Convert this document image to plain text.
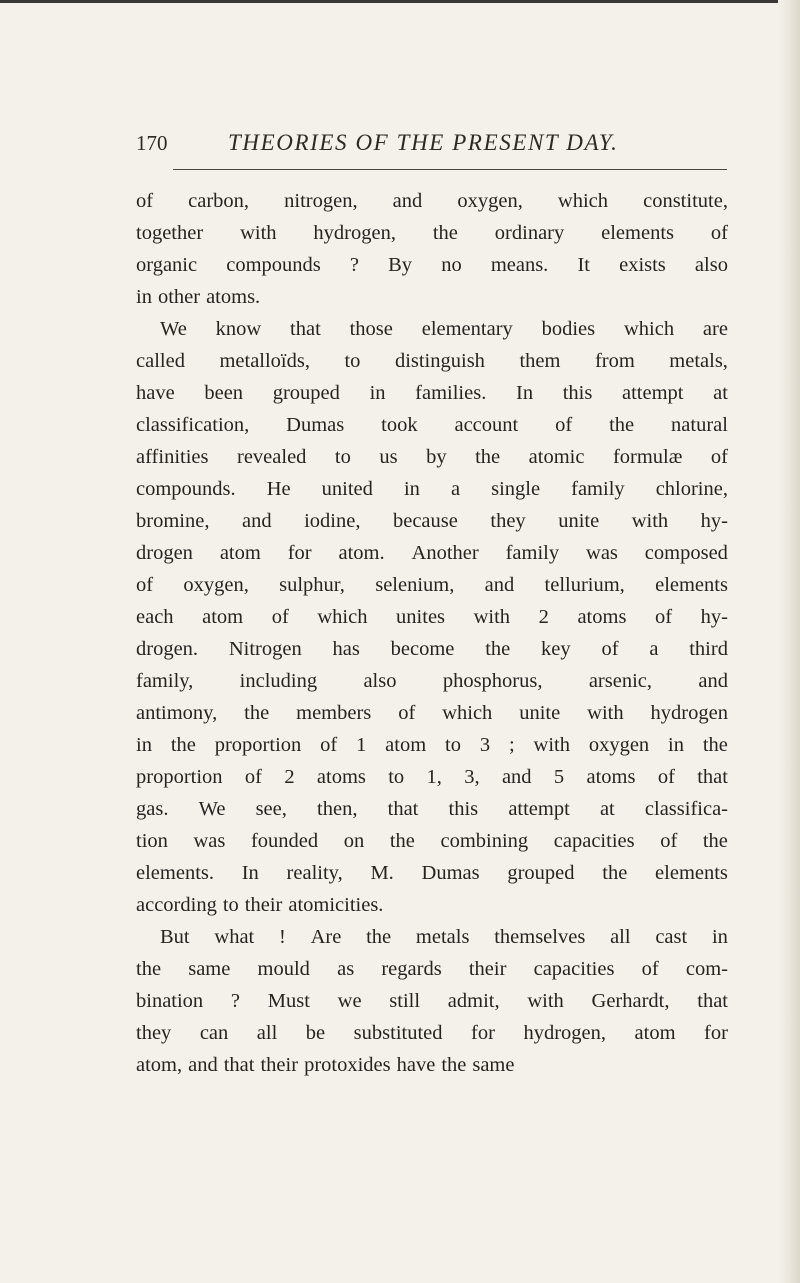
170	THEORIES OF THE PRESENT DAY.
of carbon, nitrogen, and oxygen, which constitute,
together with hydrogen, the ordinary elements of
organic compounds ? By no means. It exists also
in other atoms.
We know that those elementary bodies which are
called metalloïds, to distinguish them from metals,
have been grouped in families. In this attempt at
classification, Dumas took account of the natural
affinities revealed to us by the atomic formulæ of
compounds. He united in a single family chlorine,
bromine, and iodine, because they unite with hy-
drogen atom for atom. Another family was composed
of oxygen, sulphur, selenium, and tellurium, elements
each atom of which unites with 2 atoms of hy-
drogen. Nitrogen has become the key of a third
family, including also phosphorus, arsenic, and
antimony, the members of which unite with hydrogen
in the proportion of 1 atom to 3 ; with oxygen in the
proportion of 2 atoms to 1, 3, and 5 atoms of that
gas. We see, then, that this attempt at classifica-
tion was founded on the combining capacities of the
elements. In reality, M. Dumas grouped the elements
according to their atomicities.
But what ! Are the metals themselves all cast in
the same mould as regards their capacities of com-
bination ? Must we still admit, with Gerhardt, that
they can all be substituted for hydrogen, atom for
atom, and that their protoxides have the same
